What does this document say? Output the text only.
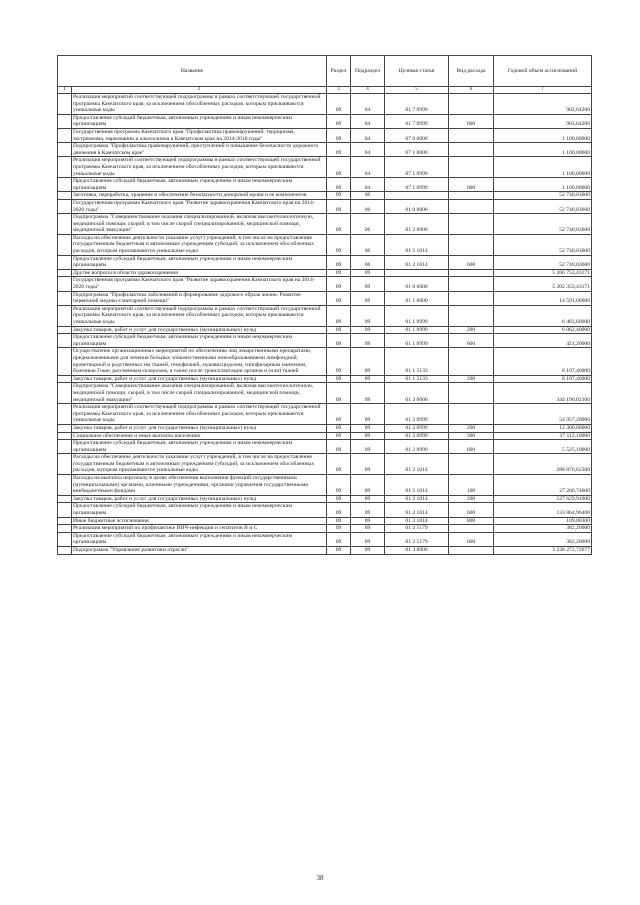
Название		Раздел	Подраздел	Целевая статья	Вид расхода	Годовой объем ассигнований
1	2	3	4	5	6	7
	Реализация мероприятий соответствующей подпрограммы в рамках соответствующей государственной программы Камчатского края, за исключением обособленных расходов, которым присваиваются уникальные коды	09	04	01 7 0999		902,64200
	Предоставление субсидий бюджетным, автономным учреждениям и иным некоммерческим организациям	09	04	01 7 0999	600	902,64200
	Государственная программа Камчатского края "Профилактика правонарушений, терроризма, экстремизма, наркомании и алкоголизма в Камчатском крае на 2014-2018 годы"	09	04	07 0 0000		1 100,00000
	Подпрограмма "Профилактика правонарушений, преступлений и повышение безопасности дорожного движения в Камчатском крае"	09	04	07 1 0000		1 100,00000
	Реализация мероприятий соответствующей подпрограммы в рамках соответствующей государственной программы Камчатского края, за исключением обособленных расходов, которым присваиваются уникальные коды	09	04	07 1 0999		1 100,00000
	Предоставление субсидий бюджетным, автономным учреждениям и иным некоммерческим организациям	09	04	07 1 0999	600	1 100,00000
	Заготовка, переработка, хранение и обеспечение безопасности донорской крови и ее компонентов	09	06			52 740,03600
	Государственная программа Камчатского края "Развитие здравоохранения Камчатского края на 2014-2020 годы"	09	06	01 0 0000		52 740,03600
	Подпрограмма "Совершенствование оказания специализированной, включая высокотехнологичную, медицинской помощи, скорой, в том числе скорой специализированной, медицинской помощи, медицинской эвакуации"	09	06	01 2 0000		52 740,03600
	Расходы на обеспечение деятельности (оказание услуг) учреждений, в том числе на предоставление государственным бюджетным и автономным учреждениям субсидий, за исключением обособленных расходов, которым присваиваются уникальные коды	09	06	01 2 1014		52 740,03600
	Предоставление субсидий бюджетным, автономным учреждениям и иным некоммерческим организациям	09	06	01 2 1014	600	52 740,03600
	Другие вопросы в области здравоохранения	09	09			5 266 753,43171
	Государственная программа Камчатского края "Развитие здравоохранения Камчатского края на 2014-2020 годы"	09	09	01 0 0000		5 202 353,43171
	Подпрограмма "Профилактика заболеваний и формирование здорового образа жизни. Развитие первичной медико-санитарной помощи"	09	09	01 1 0000		14 591,00000
	Реализация мероприятий соответствующей подпрограммы в рамках соответствующей государственной программы Камчатского края, за исключением обособленных расходов, которым присваиваются уникальные коды	09	09	01 1 0999		6 483,60000
	Закупка товаров, работ и услуг для государственных (муниципальных) нужд	09	09	01 1 0999	200	6 062,40000
	Предоставление субсидий бюджетным, автономным учреждениям и иным некоммерческим организациям	09	09	01 1 0999	600	421,20000
	Осуществление организационных мероприятий по обеспечению лиц лекарственными препаратами, предназначенными для лечения больных злокачественными новообразованиями лимфоидной, кроветворной и родственных им тканей, гемофилией, муковисцидозом, гипофизарным нанизмом, болезнью Гоше, рассеянным склерозом, а также после трансплантации органов и (или) тканей	09	09	01 1 5133		8 107,40000
	Закупка товаров, работ и услуг для государственных (муниципальных) нужд	09	09	01 1 5133	200	8 107,40000
	Подпрограмма "Совершенствование оказания специализированной, включая высокотехнологичную, медицинской помощи, скорой, в том числе скорой специализированной, медицинской помощи, медицинской эвакуации"	09	09	01 2 0000		344 190,02300
	Реализация мероприятий соответствующей подпрограммы в рамках соответствующей государственной программы Камчатского края, за исключением обособленных расходов, которым присваиваются уникальные коды	09	09	01 2 0999		54 957,20000
	Закупка товаров, работ и услуг для государственных (муниципальных) нужд	09	09	01 2 0999	200	12 300,00000
	Социальное обеспечение и иные выплаты населению	09	09	01 2 0999	300	37 112,10000
	Предоставление субсидий бюджетным, автономным учреждениям и иным некоммерческим организациям	09	09	01 2 0999	600	5 525,10000
	Расходы на обеспечение деятельности (оказание услуг) учреждений, в том числе на предоставление государственным бюджетным и автономным учреждениям субсидий, за исключением обособленных расходов, которым присваиваются уникальные коды	09	09	01 2 1014		288 870,62300
	Расходы на выплаты персоналу в целях обеспечения выполнения функций государственными (муниципальными) органами, казенными учреждениями, органами управления государственными внебюджетными фондами	09	09	01 2 1014	100	27 266,74600
	Закупка товаров, работ и услуг для государственных (муниципальных) нужд	09	09	01 2 1014	200	127 629,91000
	Предоставление субсидий бюджетным, автономным учреждениям и иным некоммерческим организациям	09	09	01 2 1014	600	133 864,96400
	Иные бюджетные ассигнования	09	09	01 2 1014	800	109,00300
	Реализация мероприятий по профилактике ВИЧ-инфекции и гепатитов В и С	09	09	01 2 5179		382,20000
	Предоставление субсидий бюджетным, автономным учреждениям и иным некоммерческим организациям	09	09	01 2 5179	600	382,20000
	Подпрограмма "Управление развитием отрасли"	09	09	01 3 0000		3 238 272,72677
38
